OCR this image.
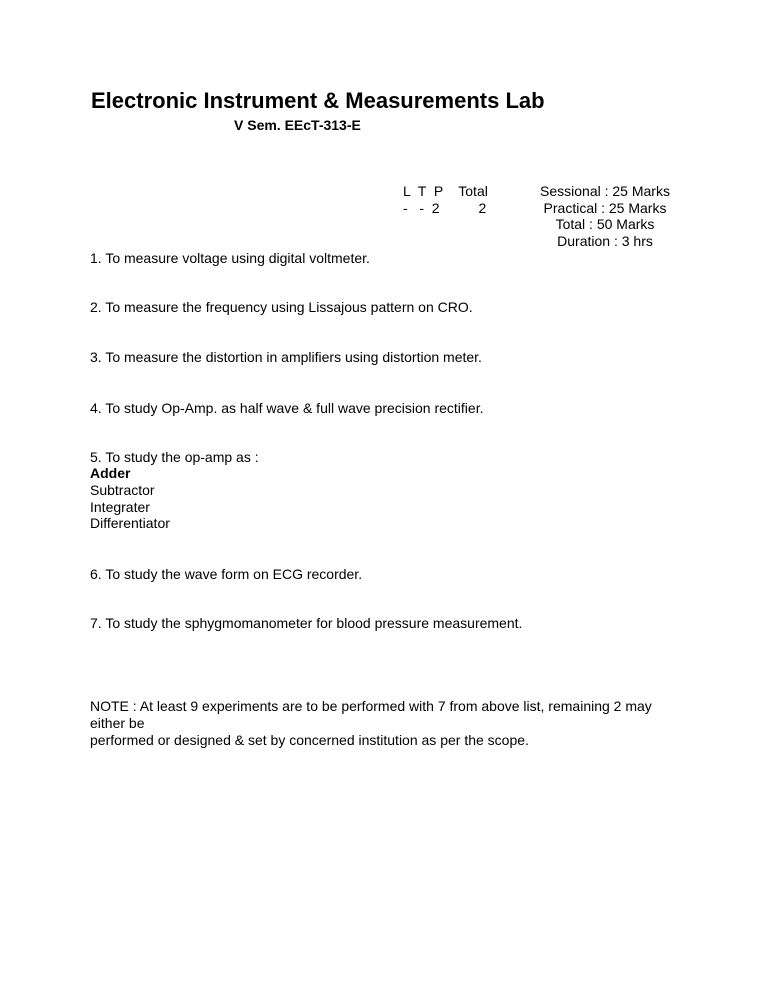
Electronic Instrument & Measurements Lab
V Sem. EEcT-313-E
L  T  P    Total
-   -  2          2
Sessional : 25 Marks
Practical : 25 Marks
Total : 50 Marks
Duration : 3 hrs
1. To measure voltage using digital voltmeter.
2. To measure the frequency using Lissajous pattern on CRO.
3. To measure the distortion in amplifiers using distortion meter.
4. To study Op-Amp. as half wave & full wave precision rectifier.
5. To study the op-amp as :
Adder
Subtractor
Integrater
Differentiator
6. To study the wave form on ECG recorder.
7. To study the sphygmomanometer for blood pressure measurement.
NOTE : At least 9 experiments are to be performed with 7 from above list, remaining 2 may
either be
performed or designed & set by concerned institution as per the scope.
